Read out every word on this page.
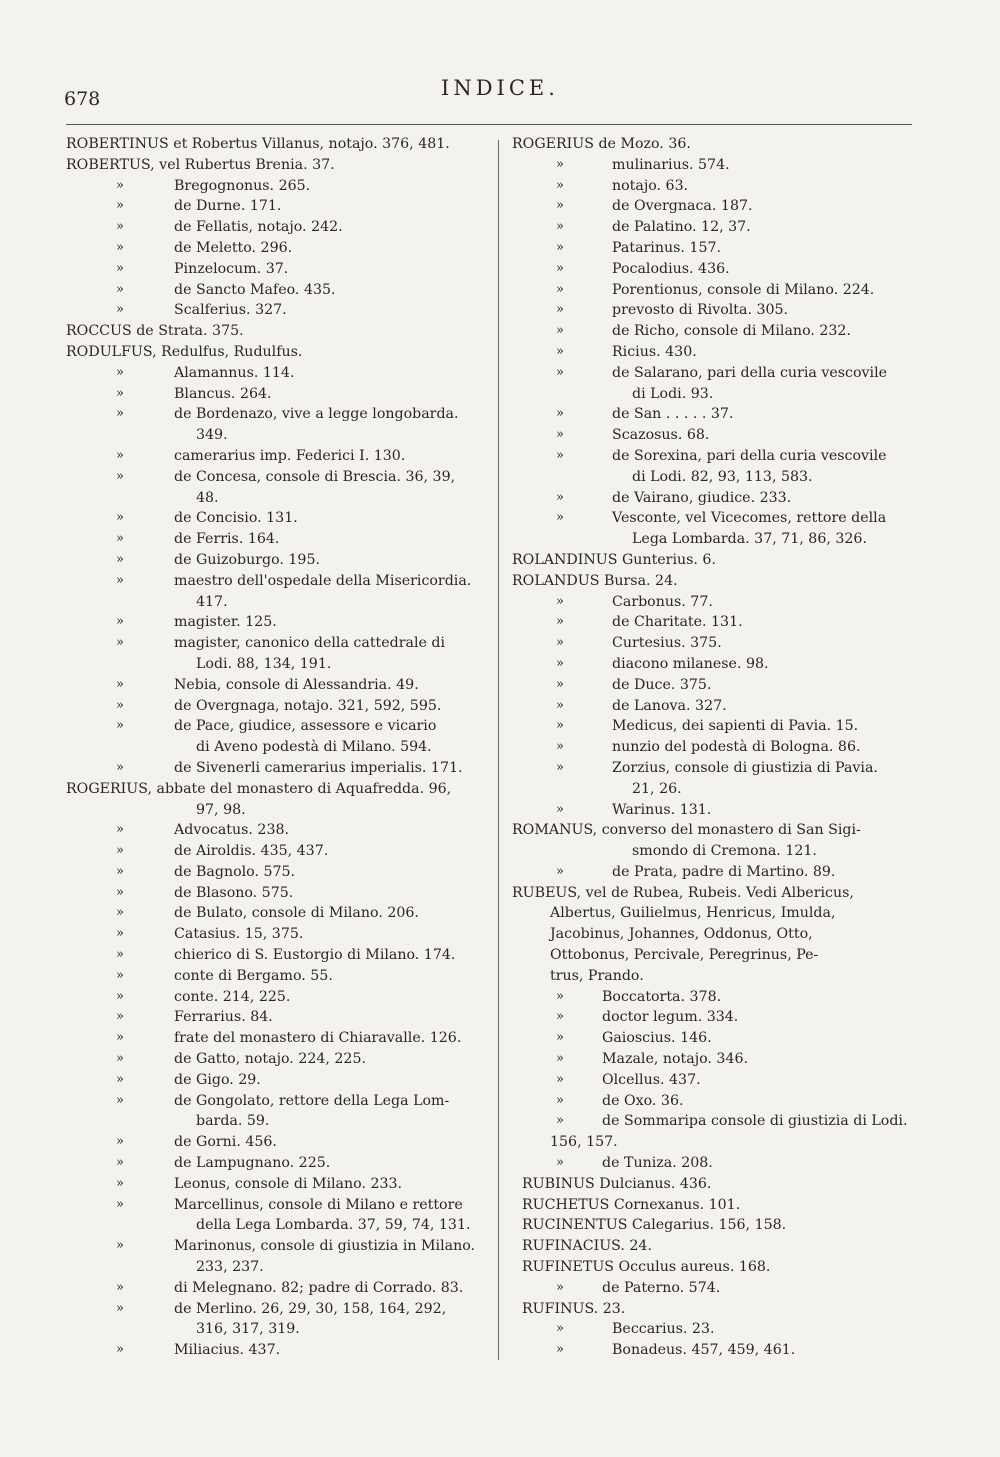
678	INDICE.
ROBERTINUS et Robertus Villanus, notajo. 376, 481.
ROBERTUS, vel Rubertus Brenia. 37.
» Bregognonus. 265.
» de Durne. 171.
» de Fellatis, notajo. 242.
» de Meletto. 296.
» Pinzelocum. 37.
» de Sancto Mafeo. 435.
» Scalferius. 327.
ROCCUS de Strata. 375.
RODULFUS, Redulfus, Rudulfus.
» Alamannus. 114.
» Blancus. 264.
» de Bordenazo, vive a legge longobarda.
349.
» camerarius imp. Federici I. 130.
» de Concesa, console di Brescia. 36, 39,
48.
» de Concisio. 131.
» de Ferris. 164.
» de Guizoburgo. 195.
» maestro dell'ospedale della Misericordia.
417.
» magister. 125.
» magister, canonico della cattedrale di
Lodi. 88, 134, 191.
» Nebia, console di Alessandria. 49.
» de Overgnaga, notajo. 321, 592, 595.
» de Pace, giudice, assessore e vicario
di Aveno podestà di Milano. 594.
» de Sivenerli camerarius imperialis. 171.
ROGERIUS, abbate del monastero di Aquafredda. 96,
97, 98.
» Advocatus. 238.
» de Airoldis. 435, 437.
» de Bagnolo. 575.
» de Blasono. 575.
» de Bulato, console di Milano. 206.
» Catasius. 15, 375.
» chierico di S. Eustorgio di Milano. 174.
» conte di Bergamo. 55.
» conte. 214, 225.
» Ferrarius. 84.
» frate del monastero di Chiaravalle. 126.
» de Gatto, notajo. 224, 225.
» de Gigo. 29.
» de Gongolato, rettore della Lega Lom-
barda. 59.
» de Gorni. 456.
» de Lampugnano. 225.
» Leonus, console di Milano. 233.
» Marcellinus, console di Milano e rettore
della Lega Lombarda. 37, 59, 74, 131.
» Marinonus, console di giustizia in Milano.
233, 237.
» di Melegnano. 82; padre di Corrado. 83.
» de Merlino. 26, 29, 30, 158, 164, 292,
316, 317, 319.
» Miliacius. 437.
ROGERIUS de Mozo. 36.
» mulinarius. 574.
» notajo. 63.
» de Overgnaca. 187.
» de Palatino. 12, 37.
» Patarinus. 157.
» Pocalodius. 436.
» Porentionus, console di Milano. 224.
» prevosto di Rivolta. 305.
» de Richo, console di Milano. 232.
» Ricius. 430.
» de Salarano, pari della curia vescovile
di Lodi. 93.
» de San . . . . . 37.
» Scazosus. 68.
» de Sorexina, pari della curia vescovile
di Lodi. 82, 93, 113, 583.
» de Vairano, giudice. 233.
» Vesconte, vel Vicecomes, rettore della
Lega Lombarda. 37, 71, 86, 326.
ROLANDINUS Gunterius. 6.
ROLANDUS Bursa. 24.
» Carbonus. 77.
» de Charitate. 131.
» Curtesius. 375.
» diacono milanese. 98.
» de Duce. 375.
» de Lanova. 327.
» Medicus, dei sapienti di Pavia. 15.
» nunzio del podestà di Bologna. 86.
» Zorzius, console di giustizia di Pavia.
21, 26.
» Warinus. 131.
ROMANUS, converso del monastero di San Sigi-
smondo di Cremona. 121.
» de Prata, padre di Martino. 89.
RUBEUS, vel de Rubea, Rubeis. Vedi Albericus,
Albertus, Guilielmus, Henricus, Imulda,
Jacobinus, Johannes, Oddonus, Otto,
Ottobonus, Percivale, Peregrinus, Pe-
trus, Prando.
» Boccatorta. 378.
» doctor legum. 334.
» Gaioscius. 146.
» Mazale, notajo. 346.
» Olcellus. 437.
» de Oxo. 36.
» de Sommaripa console di giustizia di Lodi.
156, 157.
» de Tuniza. 208.
RUBINUS Dulcianus. 436.
RUCHETUS Cornexanus. 101.
RUCINENTUS Calegarius. 156, 158.
RUFINACIUS. 24.
RUFINETUS Occulus aureus. 168.
» de Paterno. 574.
RUFINUS. 23.
» Beccarius. 23.
» Bonadeus. 457, 459, 461.
